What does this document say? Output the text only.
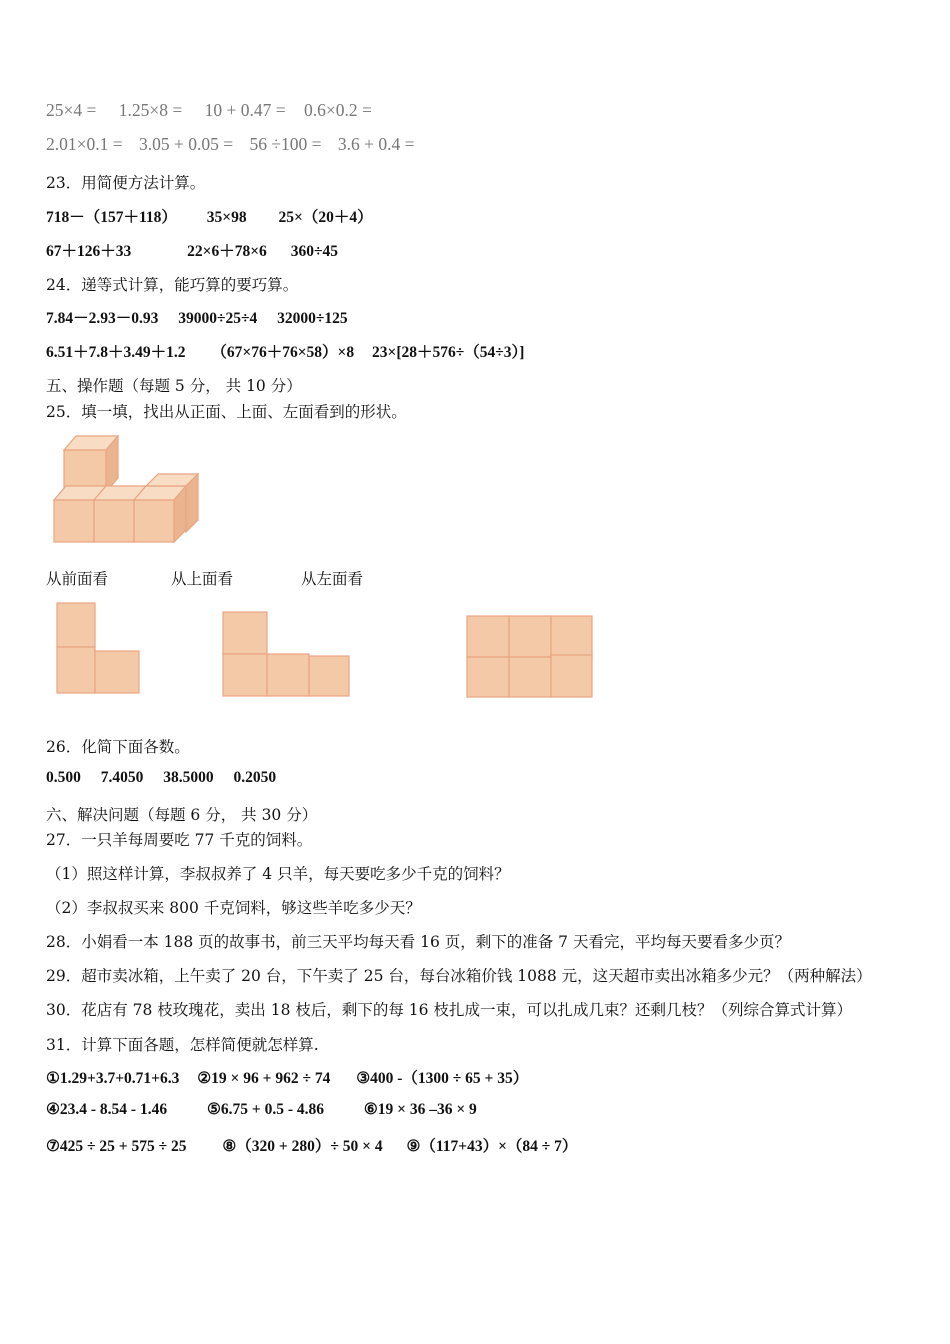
25×4 = 1.25×8 = 10 + 0.47 = 0.6×0.2 =
2.01×0.1 = 3.05 + 0.05 = 56 ÷100 = 3.6 + 0.4 =
23．用简便方法计算。
718－（157＋118） 35×98 25×（20＋4）
67＋126＋33	22×6＋78×6 360÷45
24．递等式计算，能巧算的要巧算。
7.84－2.93－0.93 39000÷25÷4 32000÷125
6.51＋7.8＋3.49＋1.2 （67×76＋76×58）×8 23×[28＋576÷（54÷3）]
五、操作题（每题 5 分， 共 10 分）
25．填一填，找出从正面、上面、左面看到的形状。
从前面看	从上面看	从左面看
26．化简下面各数。
0.500 7.4050 38.5000 0.2050
六、解决问题（每题 6 分， 共 30 分）
27．一只羊每周要吃 77 千克的饲料。
（1）照这样计算，李叔叔养了 4 只羊，每天要吃多少千克的饲料？
（2）李叔叔买来 800 千克饲料，够这些羊吃多少天？
28．小娟看一本 188 页的故事书，前三天平均每天看 16 页，剩下的准备 7 天看完，平均每天要看多少页？
29．超市卖冰箱，上午卖了 20 台，下午卖了 25 台，每台冰箱价钱 1088 元，这天超市卖出冰箱多少元？（两种解法）
30．花店有 78 枝玫瑰花，卖出 18 枝后，剩下的每 16 枝扎成一束，可以扎成几束？还剩几枝？（列综合算式计算）
31．计算下面各题，怎样简便就怎样算.
①1.29+3.7+0.71+6.3 ②19 × 96 + 962 ÷ 74 ③400 -（1300 ÷ 65 + 35）
④23.4 - 8.54 - 1.46	⑤6.75 + 0.5 - 4.86	⑥19 × 36 –36 × 9
⑦425 ÷ 25 + 575 ÷ 25 ⑧（320 + 280）÷ 50 × 4 ⑨（117+43）×（84 ÷ 7）
